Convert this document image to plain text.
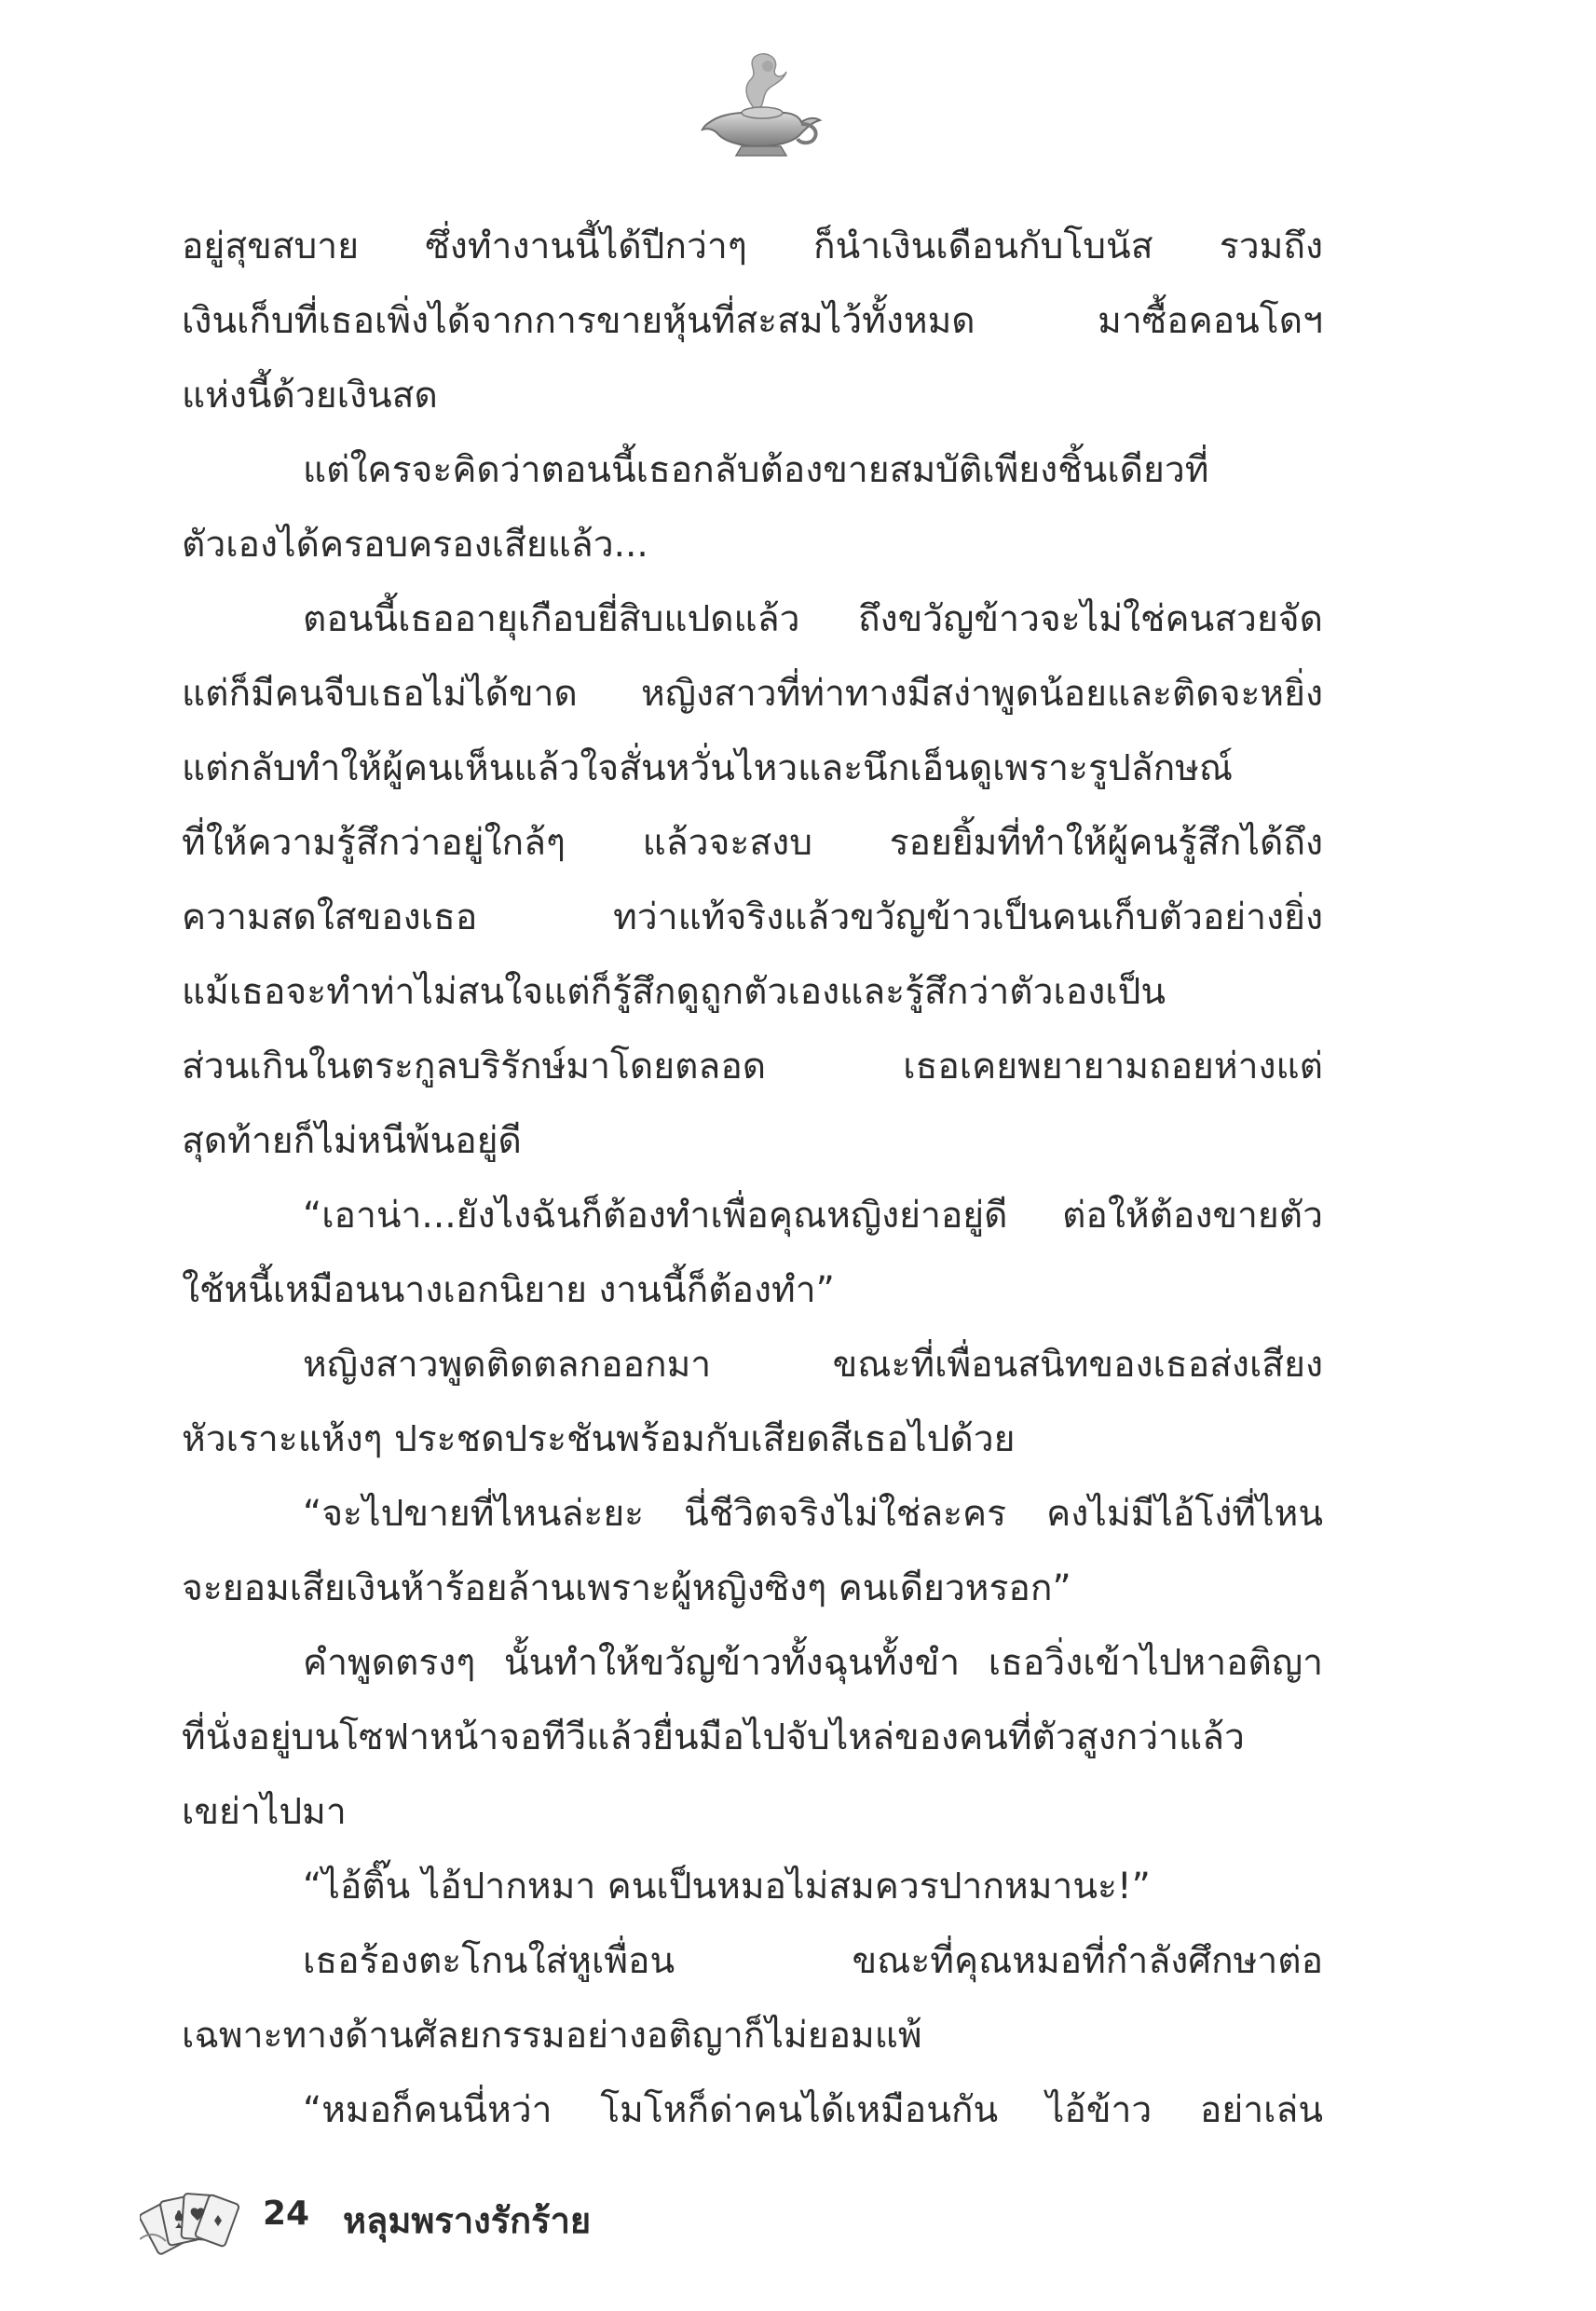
อยู่สุขสบาย ซึ่งทำงานนี้ได้ปีกว่าๆ ก็นำเงินเดือนกับโบนัส รวมถึง
เงินเก็บที่เธอเพิ่งได้จากการขายหุ้นที่สะสมไว้ทั้งหมด มาซื้อคอนโดฯ
แห่งนี้ด้วยเงินสด
แต่ใครจะคิดว่าตอนนี้เธอกลับต้องขายสมบัติเพียงชิ้นเดียวที่
ตัวเองได้ครอบครองเสียแล้ว...
ตอนนี้เธออายุเกือบยี่สิบแปดแล้ว ถึงขวัญข้าวจะไม่ใช่คนสวยจัด
แต่ก็มีคนจีบเธอไม่ได้ขาด หญิงสาวที่ท่าทางมีสง่าพูดน้อยและติดจะหยิ่ง
แต่กลับทำให้ผู้คนเห็นแล้วใจสั่นหวั่นไหวและนึกเอ็นดูเพราะรูปลักษณ์
ที่ให้ความรู้สึกว่าอยู่ใกล้ๆ แล้วจะสงบ รอยยิ้มที่ทำให้ผู้คนรู้สึกได้ถึง
ความสดใสของเธอ ทว่าแท้จริงแล้วขวัญข้าวเป็นคนเก็บตัวอย่างยิ่ง
แม้เธอจะทำท่าไม่สนใจแต่ก็รู้สึกดูถูกตัวเองและรู้สึกว่าตัวเองเป็น
ส่วนเกินในตระกูลบริรักษ์มาโดยตลอด เธอเคยพยายามถอยห่างแต่
สุดท้ายก็ไม่หนีพ้นอยู่ดี
“เอาน่า...ยังไงฉันก็ต้องทำเพื่อคุณหญิงย่าอยู่ดี ต่อให้ต้องขายตัว
ใช้หนี้เหมือนนางเอกนิยาย งานนี้ก็ต้องทำ”
หญิงสาวพูดติดตลกออกมา ขณะที่เพื่อนสนิทของเธอส่งเสียง
หัวเราะแห้งๆ ประชดประชันพร้อมกับเสียดสีเธอไปด้วย
“จะไปขายที่ไหนล่ะยะ นี่ชีวิตจริงไม่ใช่ละคร คงไม่มีไอ้โง่ที่ไหน
จะยอมเสียเงินห้าร้อยล้านเพราะผู้หญิงซิงๆ คนเดียวหรอก”
คำพูดตรงๆ นั้นทำให้ขวัญข้าวทั้งฉุนทั้งขำ เธอวิ่งเข้าไปหาอติญา
ที่นั่งอยู่บนโซฟาหน้าจอทีวีแล้วยื่นมือไปจับไหล่ของคนที่ตัวสูงกว่าแล้ว
เขย่าไปมา
“ไอ้ติ๊น ไอ้ปากหมา คนเป็นหมอไม่สมควรปากหมานะ!”
เธอร้องตะโกนใส่หูเพื่อน ขณะที่คุณหมอที่กำลังศึกษาต่อ
เฉพาะทางด้านศัลยกรรมอย่างอติญาก็ไม่ยอมแพ้
“หมอก็คนนี่หว่า โมโหก็ด่าคนได้เหมือนกัน ไอ้ข้าว อย่าเล่น
24 หลุมพรางรักร้าย
